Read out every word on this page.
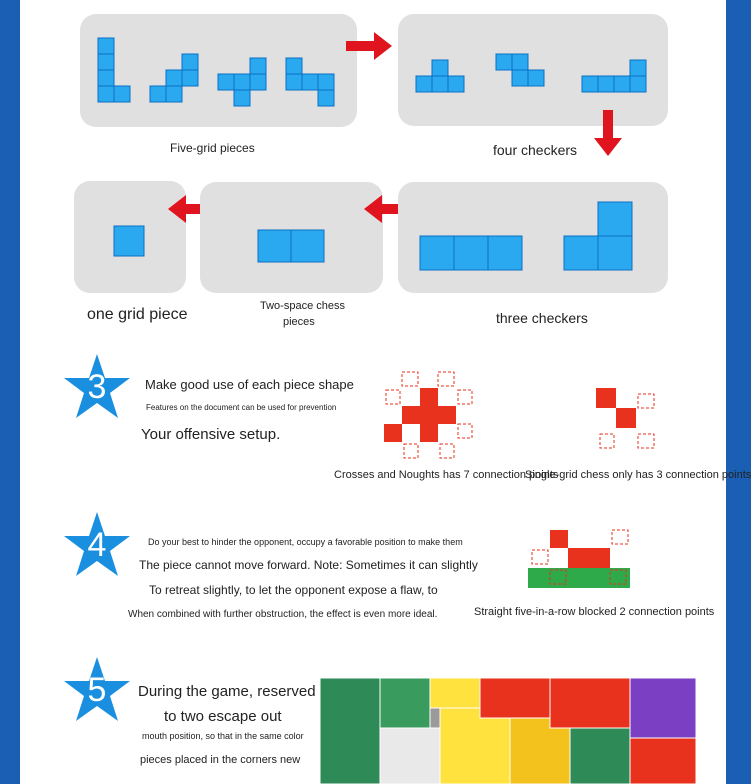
Five-grid pieces	four checkers
one grid piece	Two-space chess
pieces	three checkers
3	Make good use of each piece shape
Features on the document can be used for prevention
Your offensive setup.
Crosses and Noughts has 7 connection points
Single-grid chess only has 3 connection points
4	Do your best to hinder the opponent, occupy a favorable position to make them
The piece cannot move forward. Note: Sometimes it can slightly
To retreat slightly, to let the opponent expose a flaw, to
When combined with further obstruction, the effect is even more ideal.	Straight five-in-a-row blocked 2 connection points
5	During the game, reserved
to two escape out
mouth position, so that in the same color
pieces placed in the corners new
